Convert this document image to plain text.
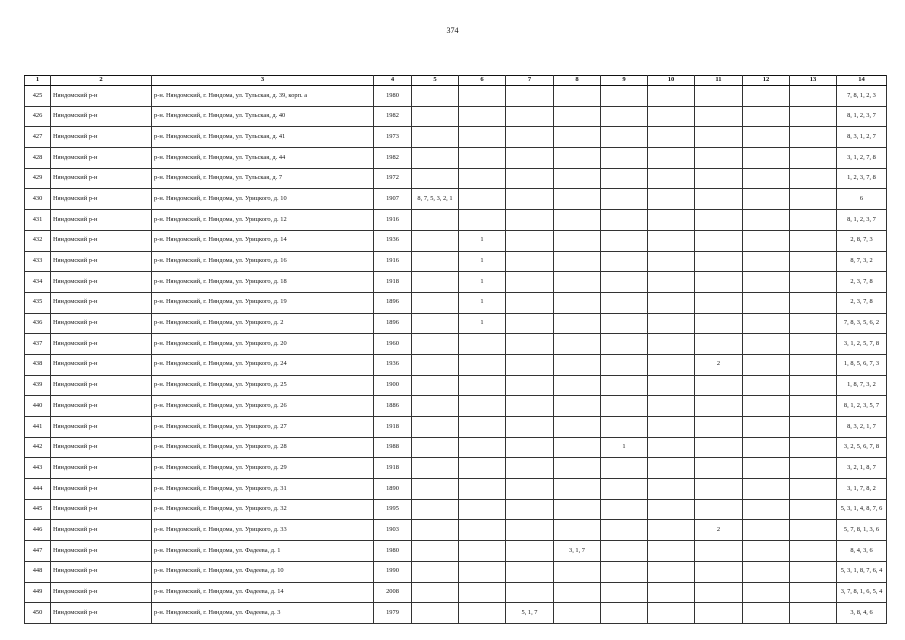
374
1	2	3	4	5	6	7	8	9	10	11	12	13	14
425	Няндомский р-н	р-н. Няндомский, г. Няндома, ул. Тульская, д. 39, корп. а	1980										7, 8, 1, 2, 3
426	Няндомский р-н	р-н. Няндомский, г. Няндома, ул. Тульская, д. 40	1982										8, 1, 2, 3, 7
427	Няндомский р-н	р-н. Няндомский, г. Няндома, ул. Тульская, д. 41	1973										8, 3, 1, 2, 7
428	Няндомский р-н	р-н. Няндомский, г. Няндома, ул. Тульская, д. 44	1982										3, 1, 2, 7, 8
429	Няндомский р-н	р-н. Няндомский, г. Няндома, ул. Тульская, д. 7	1972										1, 2, 3, 7, 8
430	Няндомский р-н	р-н. Няндомский, г. Няндома, ул. Урицкого, д. 10	1907	8, 7, 5, 3, 2, 1									6
431	Няндомский р-н	р-н. Няндомский, г. Няндома, ул. Урицкого, д. 12	1916										8, 1, 2, 3, 7
432	Няндомский р-н	р-н. Няндомский, г. Няндома, ул. Урицкого, д. 14	1936		1								2, 8, 7, 3
433	Няндомский р-н	р-н. Няндомский, г. Няндома, ул. Урицкого, д. 16	1916		1								8, 7, 3, 2
434	Няндомский р-н	р-н. Няндомский, г. Няндома, ул. Урицкого, д. 18	1918		1								2, 3, 7, 8
435	Няндомский р-н	р-н. Няндомский, г. Няндома, ул. Урицкого, д. 19	1896		1								2, 3, 7, 8
436	Няндомский р-н	р-н. Няндомский, г. Няндома, ул. Урицкого, д. 2	1896		1								7, 8, 3, 5, 6, 2
437	Няндомский р-н	р-н. Няндомский, г. Няндома, ул. Урицкого, д. 20	1960										3, 1, 2, 5, 7, 8
438	Няндомский р-н	р-н. Няндомский, г. Няндома, ул. Урицкого, д. 24	1936							2			1, 8, 5, 6, 7, 3
439	Няндомский р-н	р-н. Няндомский, г. Няндома, ул. Урицкого, д. 25	1900										1, 8, 7, 3, 2
440	Няндомский р-н	р-н. Няндомский, г. Няндома, ул. Урицкого, д. 26	1886										8, 1, 2, 3, 5, 7
441	Няндомский р-н	р-н. Няндомский, г. Няндома, ул. Урицкого, д. 27	1918										8, 3, 2, 1, 7
442	Няндомский р-н	р-н. Няндомский, г. Няндома, ул. Урицкого, д. 28	1988					1					3, 2, 5, 6, 7, 8
443	Няндомский р-н	р-н. Няндомский, г. Няндома, ул. Урицкого, д. 29	1918										3, 2, 1, 8, 7
444	Няндомский р-н	р-н. Няндомский, г. Няндома, ул. Урицкого, д. 31	1890										3, 1, 7, 8, 2
445	Няндомский р-н	р-н. Няндомский, г. Няндома, ул. Урицкого, д. 32	1995										5, 3, 1, 4, 8, 7, 6
446	Няндомский р-н	р-н. Няндомский, г. Няндома, ул. Урицкого, д. 33	1903							2			5, 7, 8, 1, 3, 6
447	Няндомский р-н	р-н. Няндомский, г. Няндома, ул. Фадеева, д. 1	1980				3, 1, 7						8, 4, 3, 6
448	Няндомский р-н	р-н. Няндомский, г. Няндома, ул. Фадеева, д. 10	1990										5, 3, 1, 8, 7, 6, 4
449	Няндомский р-н	р-н. Няндомский, г. Няндома, ул. Фадеева, д. 14	2008										3, 7, 8, 1, 6, 5, 4
450	Няндомский р-н	р-н. Няндомский, г. Няндома, ул. Фадеева, д. 3	1979			5, 1, 7							3, 8, 4, 6
